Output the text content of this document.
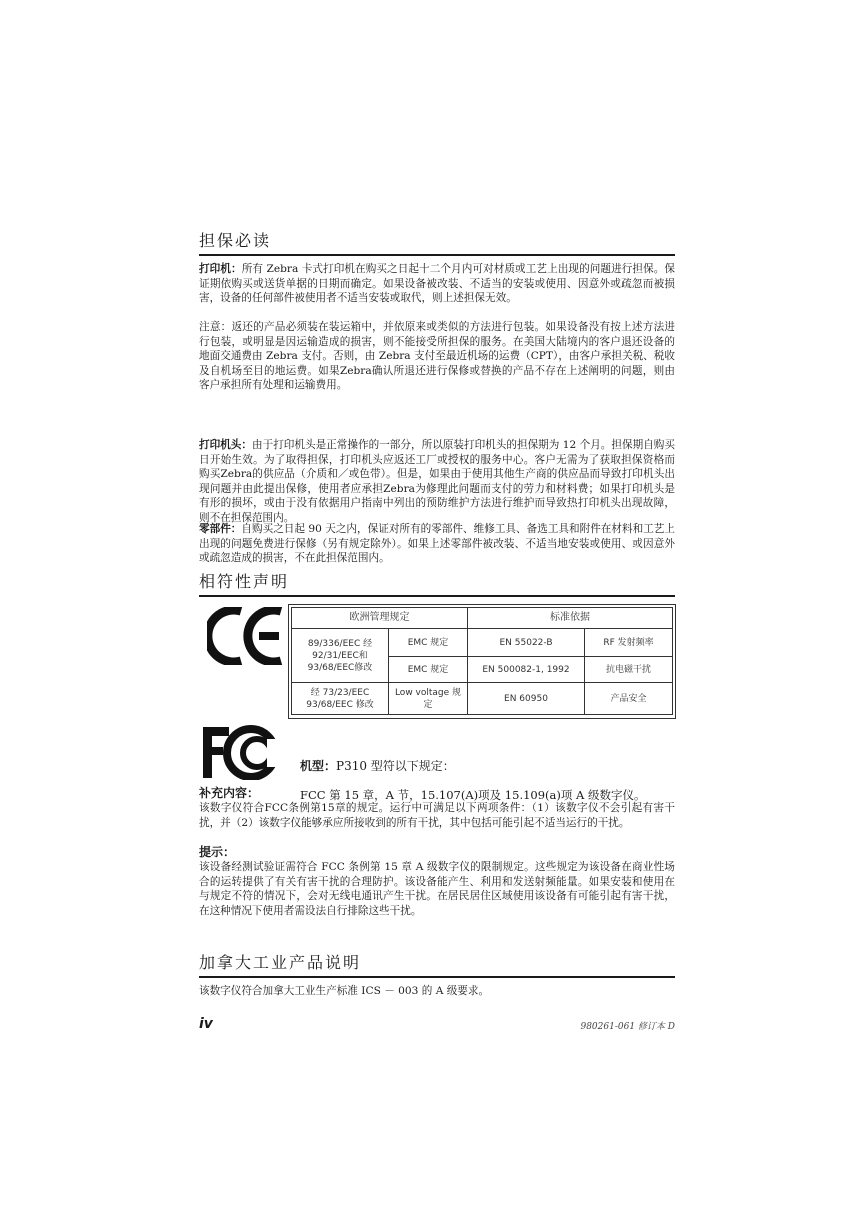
担保必读
打印机：所有 Zebra 卡式打印机在购买之日起十二个月内可对材质或工艺上出现的问题进行担保。保证期依购买或送货单据的日期而确定。如果设备被改装、不适当的安装或使用、因意外或疏忽而被损害，设备的任何部件被使用者不适当安装或取代，则上述担保无效。
注意：返还的产品必须装在装运箱中，并依原来或类似的方法进行包装。如果设备没有按上述方法进行包装，或明显是因运输造成的损害，则不能接受所担保的服务。在美国大陆境内的客户退还设备的地面交通费由 Zebra 支付。否则，由 Zebra 支付至最近机场的运费（CPT），由客户承担关税、税收及自机场至目的地运费。如果Zebra确认所退还进行保修或替换的产品不存在上述阐明的问题，则由客户承担所有处理和运输费用。
打印机头：由于打印机头是正常操作的一部分，所以原装打印机头的担保期为 12 个月。担保期自购买日开始生效。为了取得担保，打印机头应返还工厂或授权的服务中心。客户无需为了获取担保资格而购买Zebra的供应品（介质和／或色带）。但是，如果由于使用其他生产商的供应品而导致打印机头出现问题并由此提出保修，使用者应承担Zebra为修理此问题而支付的劳力和材料费；如果打印机头是有形的损坏，或由于没有依据用户指南中列出的预防维护方法进行维护而导致热打印机头出现故障，则不在担保范围内。
零部件：自购买之日起 90 天之内，保证对所有的零部件、维修工具、备选工具和附件在材料和工艺上出现的问题免费进行保修（另有规定除外）。如果上述零部件被改装、不适当地安装或使用、或因意外或疏忽造成的损害，不在此担保范围内。
相符性声明
欧洲管理规定		标准依据	
89/336/EEC 经92/31/EEC和 93/68/EEC修改	EMC 规定	EN 55022-B	RF 发射频率
	EMC 规定	EN 500082-1, 1992	抗电磁干扰
经 73/23/EEC 93/68/EEC 修改	Low voltage 规定	EN 60950	产品安全
机型：P310 型符以下规定：
FCC 第 15 章，A 节，15.107(A)项及 15.109(a)项 A 级数字仪。
补充内容：
该数字仪符合FCC条例第15章的规定。运行中可满足以下两项条件：（1）该数字仪不会引起有害干扰，并（2）该数字仪能够承应所接收到的所有干扰，其中包括可能引起不适当运行的干扰。
提示：
该设备经测试验证需符合 FCC 条例第 15 章 A 级数字仪的限制规定。这些规定为该设备在商业性场合的运转提供了有关有害干扰的合理防护。该设备能产生、利用和发送射频能量。如果安装和使用在与规定不符的情况下，会对无线电通讯产生干扰。在居民居住区域使用该设备有可能引起有害干扰，在这种情况下使用者需设法自行排除这些干扰。
加拿大工业产品说明
该数字仪符合加拿大工业生产标准 ICS － 003 的 A 级要求。
iv	980261-061 修订本 D
